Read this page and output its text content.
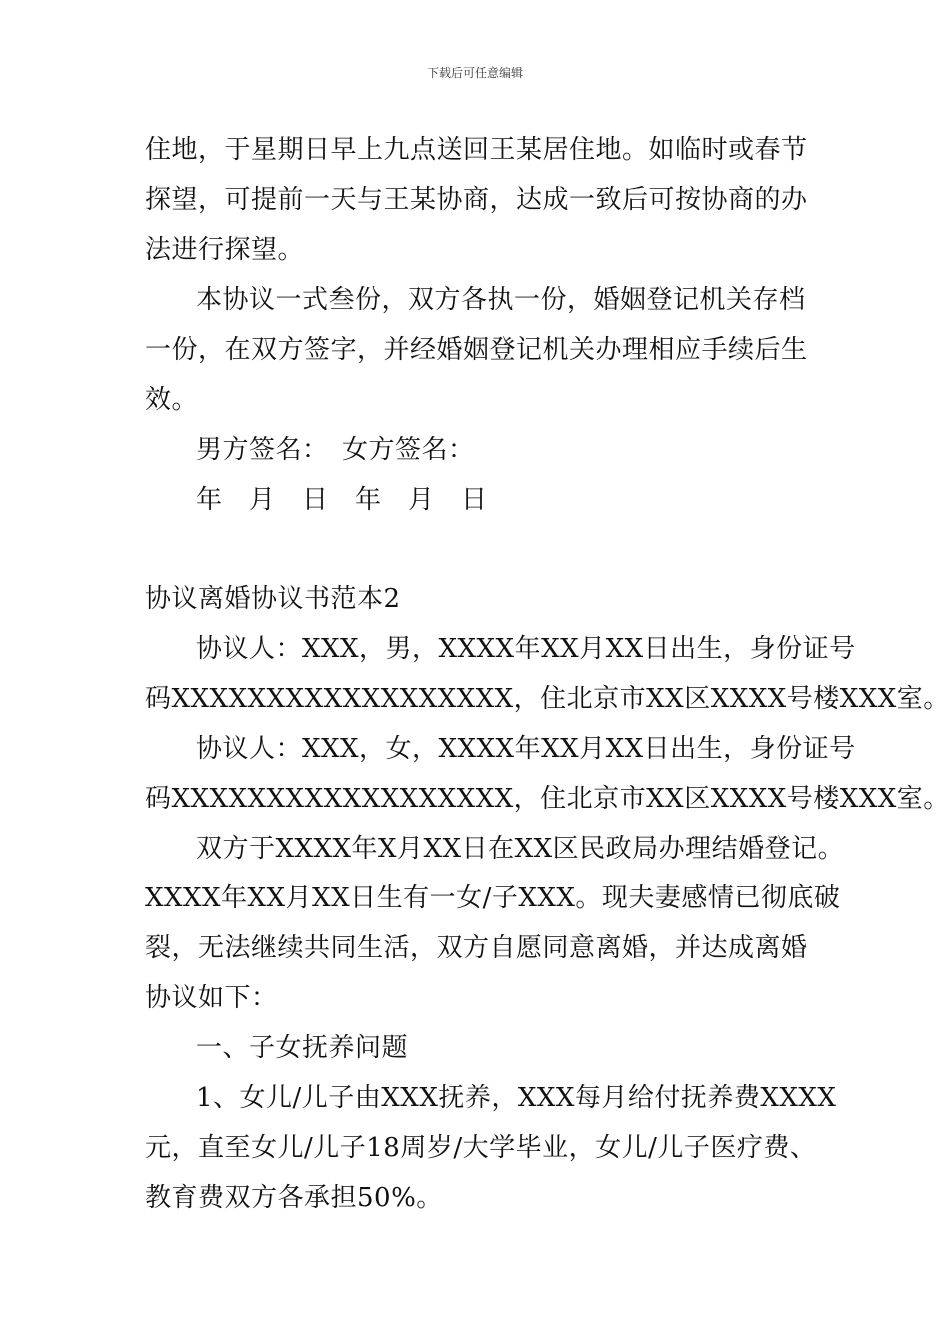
下载后可任意编辑
住地，于星期日早上九点送回王某居住地。如临时或春节
探望，可提前一天与王某协商，达成一致后可按协商的办
法进行探望。
本协议一式叁份，双方各执一份，婚姻登记机关存档
一份，在双方签字，并经婚姻登记机关办理相应手续后生
效。
男方签名：　女方签名：
年　月　日　年　月　日
协议离婚协议书范本2
协议人：XXX，男，XXXX年XX月XX日出生，身份证号
码XXXXXXXXXXXXXXXXXX，住北京市XX区XXXX号楼XXX室。
协议人：XXX，女，XXXX年XX月XX日出生，身份证号
码XXXXXXXXXXXXXXXXXX，住北京市XX区XXXX号楼XXX室。
双方于XXXX年X月XX日在XX区民政局办理结婚登记。
XXXX年XX月XX日生有一女/子XXX。现夫妻感情已彻底破
裂，无法继续共同生活，双方自愿同意离婚，并达成离婚
协议如下：
一、子女抚养问题
1、女儿/儿子由XXX抚养，XXX每月给付抚养费XXXX
元，直至女儿/儿子18周岁/大学毕业，女儿/儿子医疗费、
教育费双方各承担50%。
